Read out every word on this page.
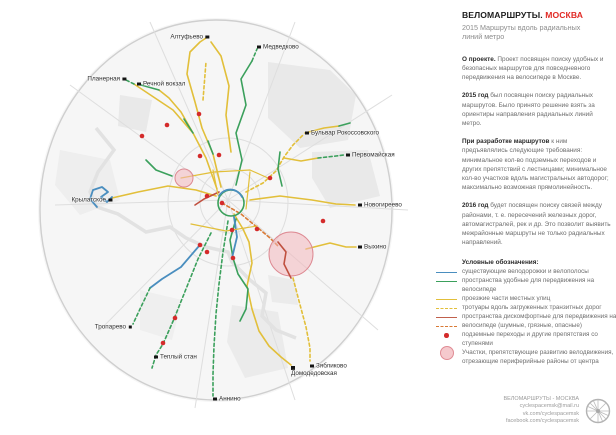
Планерная
Речной вокзал
Алтуфьево
Медведково
Бульвар Рокоссовского
Первомайская
Новогиреево
Выхино
Крылатское
Тропарево
Теплый стан
Аннино
Зябликово
Домодедовская
ВЕЛОМАРШРУТЫ. МОСКВА
2015 Маршруты вдоль радиальных линий метро

О проекте. Проект посвящен поиску удобных и безопасных маршрутов для повседневного передвижения на велосипеде в Москве.

2015 год был посвящен поиску радиальных маршрутов. Было принято решение взять за ориентиры направления радиальных линий метро.

При разработке маршрутов к ним предъявлялись следующие требования: минимальное кол-во подземных переходов и других препятствий с лестницами; минимальное кол-во участков вдоль магистральных автодорог; максимально возможная прямолинейность.

2016 год будет посвящен поиску связей между районами, т. е. пересечений железных дорог, автомагистралей, рек и др. Это позволит выявить межрайонные маршруты не только радиальных направлений.

Условные обозначения:
существующие велодорожки и велополосы
пространства удобные для передвижения на
велосипеде
проезжие части местных улиц
тротуары вдоль загруженных транзитных дорог
пространства дискомфортные для передвижения на
велосипеде (шумные, грязные, опасные)
подземные переходы и другие препятствия со
ступенями
Участки, препятствующие развитию велодвижения,
отрезающие периферийные районы от центра
ВЕЛОМАРШРУТЫ - МОСКВА
cyclespacemsk@mail.ru
vk.com/cyclespacemsk
facebook.com/cyclespacemsk
